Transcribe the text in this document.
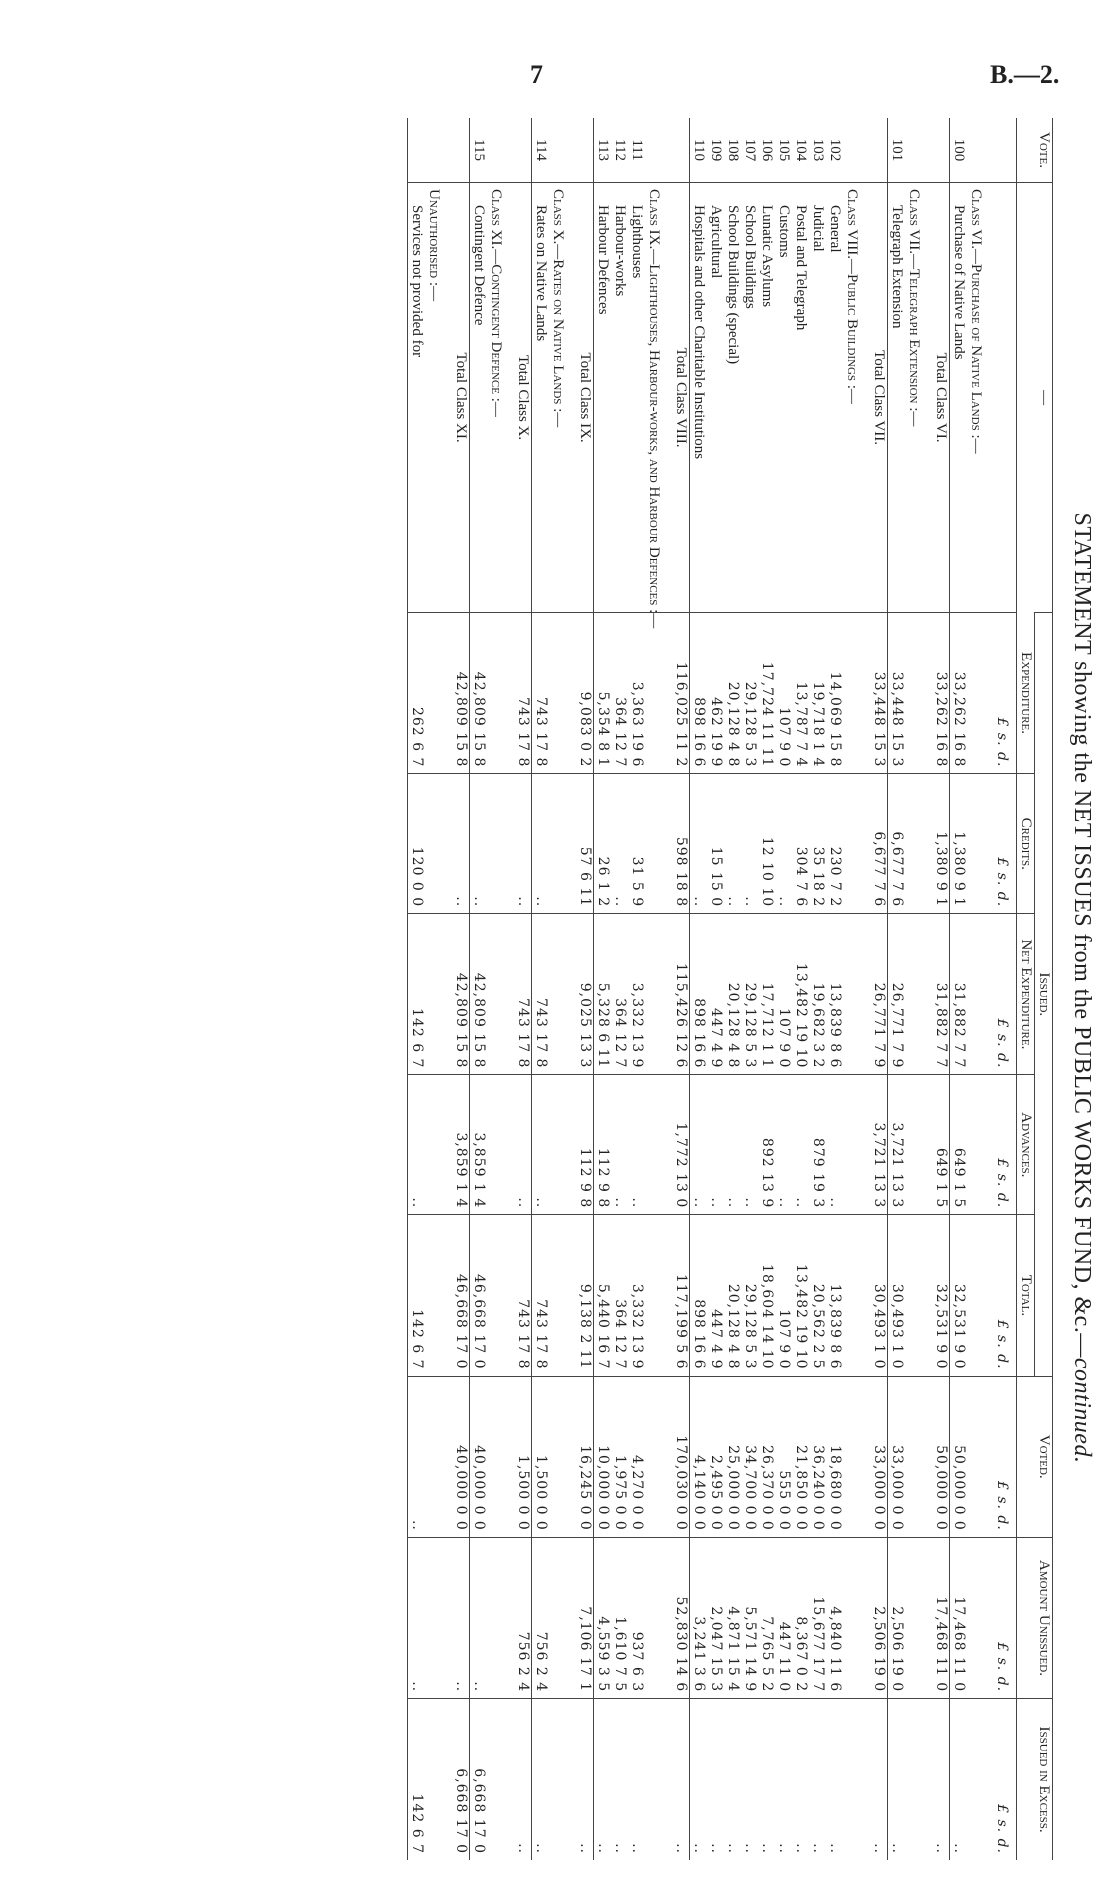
7	B.—2.
STATEMENT showing the NET ISSUES from the PUBLIC WORKS FUND, &c.—continued.
Vote.	—	Issued.					Voted.	Amount Unissued.	Issued in Excess.
		Expenditure.	Credits.	Net Expenditure.	Advances.	Total.			
		£ s. d.	£ s. d.	£ s. d.	£ s. d.	£ s. d.	£ s. d.	£ s. d.	£ s. d.

	Class VI.—Purchase of Native Lands :—								
100	Purchase of Native Lands	33,262 16 8	1,380 9 1	31,882 7 7	649 1 5	32,531 9 0	50,000 0 0	17,468 11 0	..
	Total Class VI.	33,262 16 8	1,380 9 1	31,882 7 7	649 1 5	32,531 9 0	50,000 0 0	17,468 11 0	..

	Class VII.—Telegraph Extension :—								
101	Telegraph Extension	33,448 15 3	6,677 7 6	26,771 7 9	3,721 13 3	30,493 1 0	33,000 0 0	2,506 19 0	..
	Total Class VII.	33,448 15 3	6,677 7 6	26,771 7 9	3,721 13 3	30,493 1 0	33,000 0 0	2,506 19 0	..

	Class VIII.—Public Buildings :—								
102	General	14,069 15 8	230 7 2	13,839 8 6	..	13,839 8 6	18,680 0 0	4,840 11 6	..
103	Judicial	19,718 1 4	35 18 2	19,682 3 2	879 19 3	20,562 2 5	36,240 0 0	15,677 17 7	..
104	Postal and Telegraph	13,787 7 4	304 7 6	13,482 19 10	..	13,482 19 10	21,850 0 0	8,367 0 2	..
105	Customs	107 9 0	..	107 9 0	..	107 9 0	555 0 0	447 11 0	..
106	Lunatic Asylums	17,724 11 11	12 10 10	17,712 1 1	892 13 9	18,604 14 10	26,370 0 0	7,765 5 2	..
107	School Buildings	29,128 5 3	..	29,128 5 3	..	29,128 5 3	34,700 0 0	5,571 14 9	..
108	School Buildings (special)	20,128 4 8	..	20,128 4 8	..	20,128 4 8	25,000 0 0	4,871 15 4	..
109	Agricultural	462 19 9	15 15 0	447 4 9	..	447 4 9	2,495 0 0	2,047 15 3	..
110	Hospitals and other Charitable Institutions	898 16 6	..	898 16 6	..	898 16 6	4,140 0 0	3,241 3 6	..
	Total Class VIII.	116,025 11 2	598 18 8	115,426 12 6	1,772 13 0	117,199 5 6	170,030 0 0	52,830 14 6	..

	Class IX.—Lighthouses, Harbour-works, and Harbour Defences :—								
111	Lighthouses	3,363 19 6	31 5 9	3,332 13 9	..	3,332 13 9	4,270 0 0	937 6 3	..
112	Harbour-works	364 12 7	..	364 12 7	..	364 12 7	1,975 0 0	1,610 7 5	..
113	Harbour Defences	5,354 8 1	26 1 2	5,328 6 11	112 9 8	5,440 16 7	10,000 0 0	4,559 3 5	..
	Total Class IX.	9,083 0 2	57 6 11	9,025 13 3	112 9 8	9,138 2 11	16,245 0 0	7,106 17 1	..

	Class X.—Rates on Native Lands :—								
114	Rates on Native Lands	743 17 8	..	743 17 8	..	743 17 8	1,500 0 0	756 2 4	..
	Total Class X.	743 17 8	..	743 17 8	..	743 17 8	1,500 0 0	756 2 4	..

	Class XI.—Contingent Defence :—								
115	Contingent Defence	42,809 15 8	..	42,809 15 8	3,859 1 4	46,668 17 0	40,000 0 0	..	6,668 17 0
	Total Class XI.	42,809 15 8	..	42,809 15 8	3,859 1 4	46,668 17 0	40,000 0 0	..	6,668 17 0

	Unauthorised :—								
	Services not provided for	262 6 7	120 0 0	142 6 7	..	142 6 7	..	..	142 6 7
